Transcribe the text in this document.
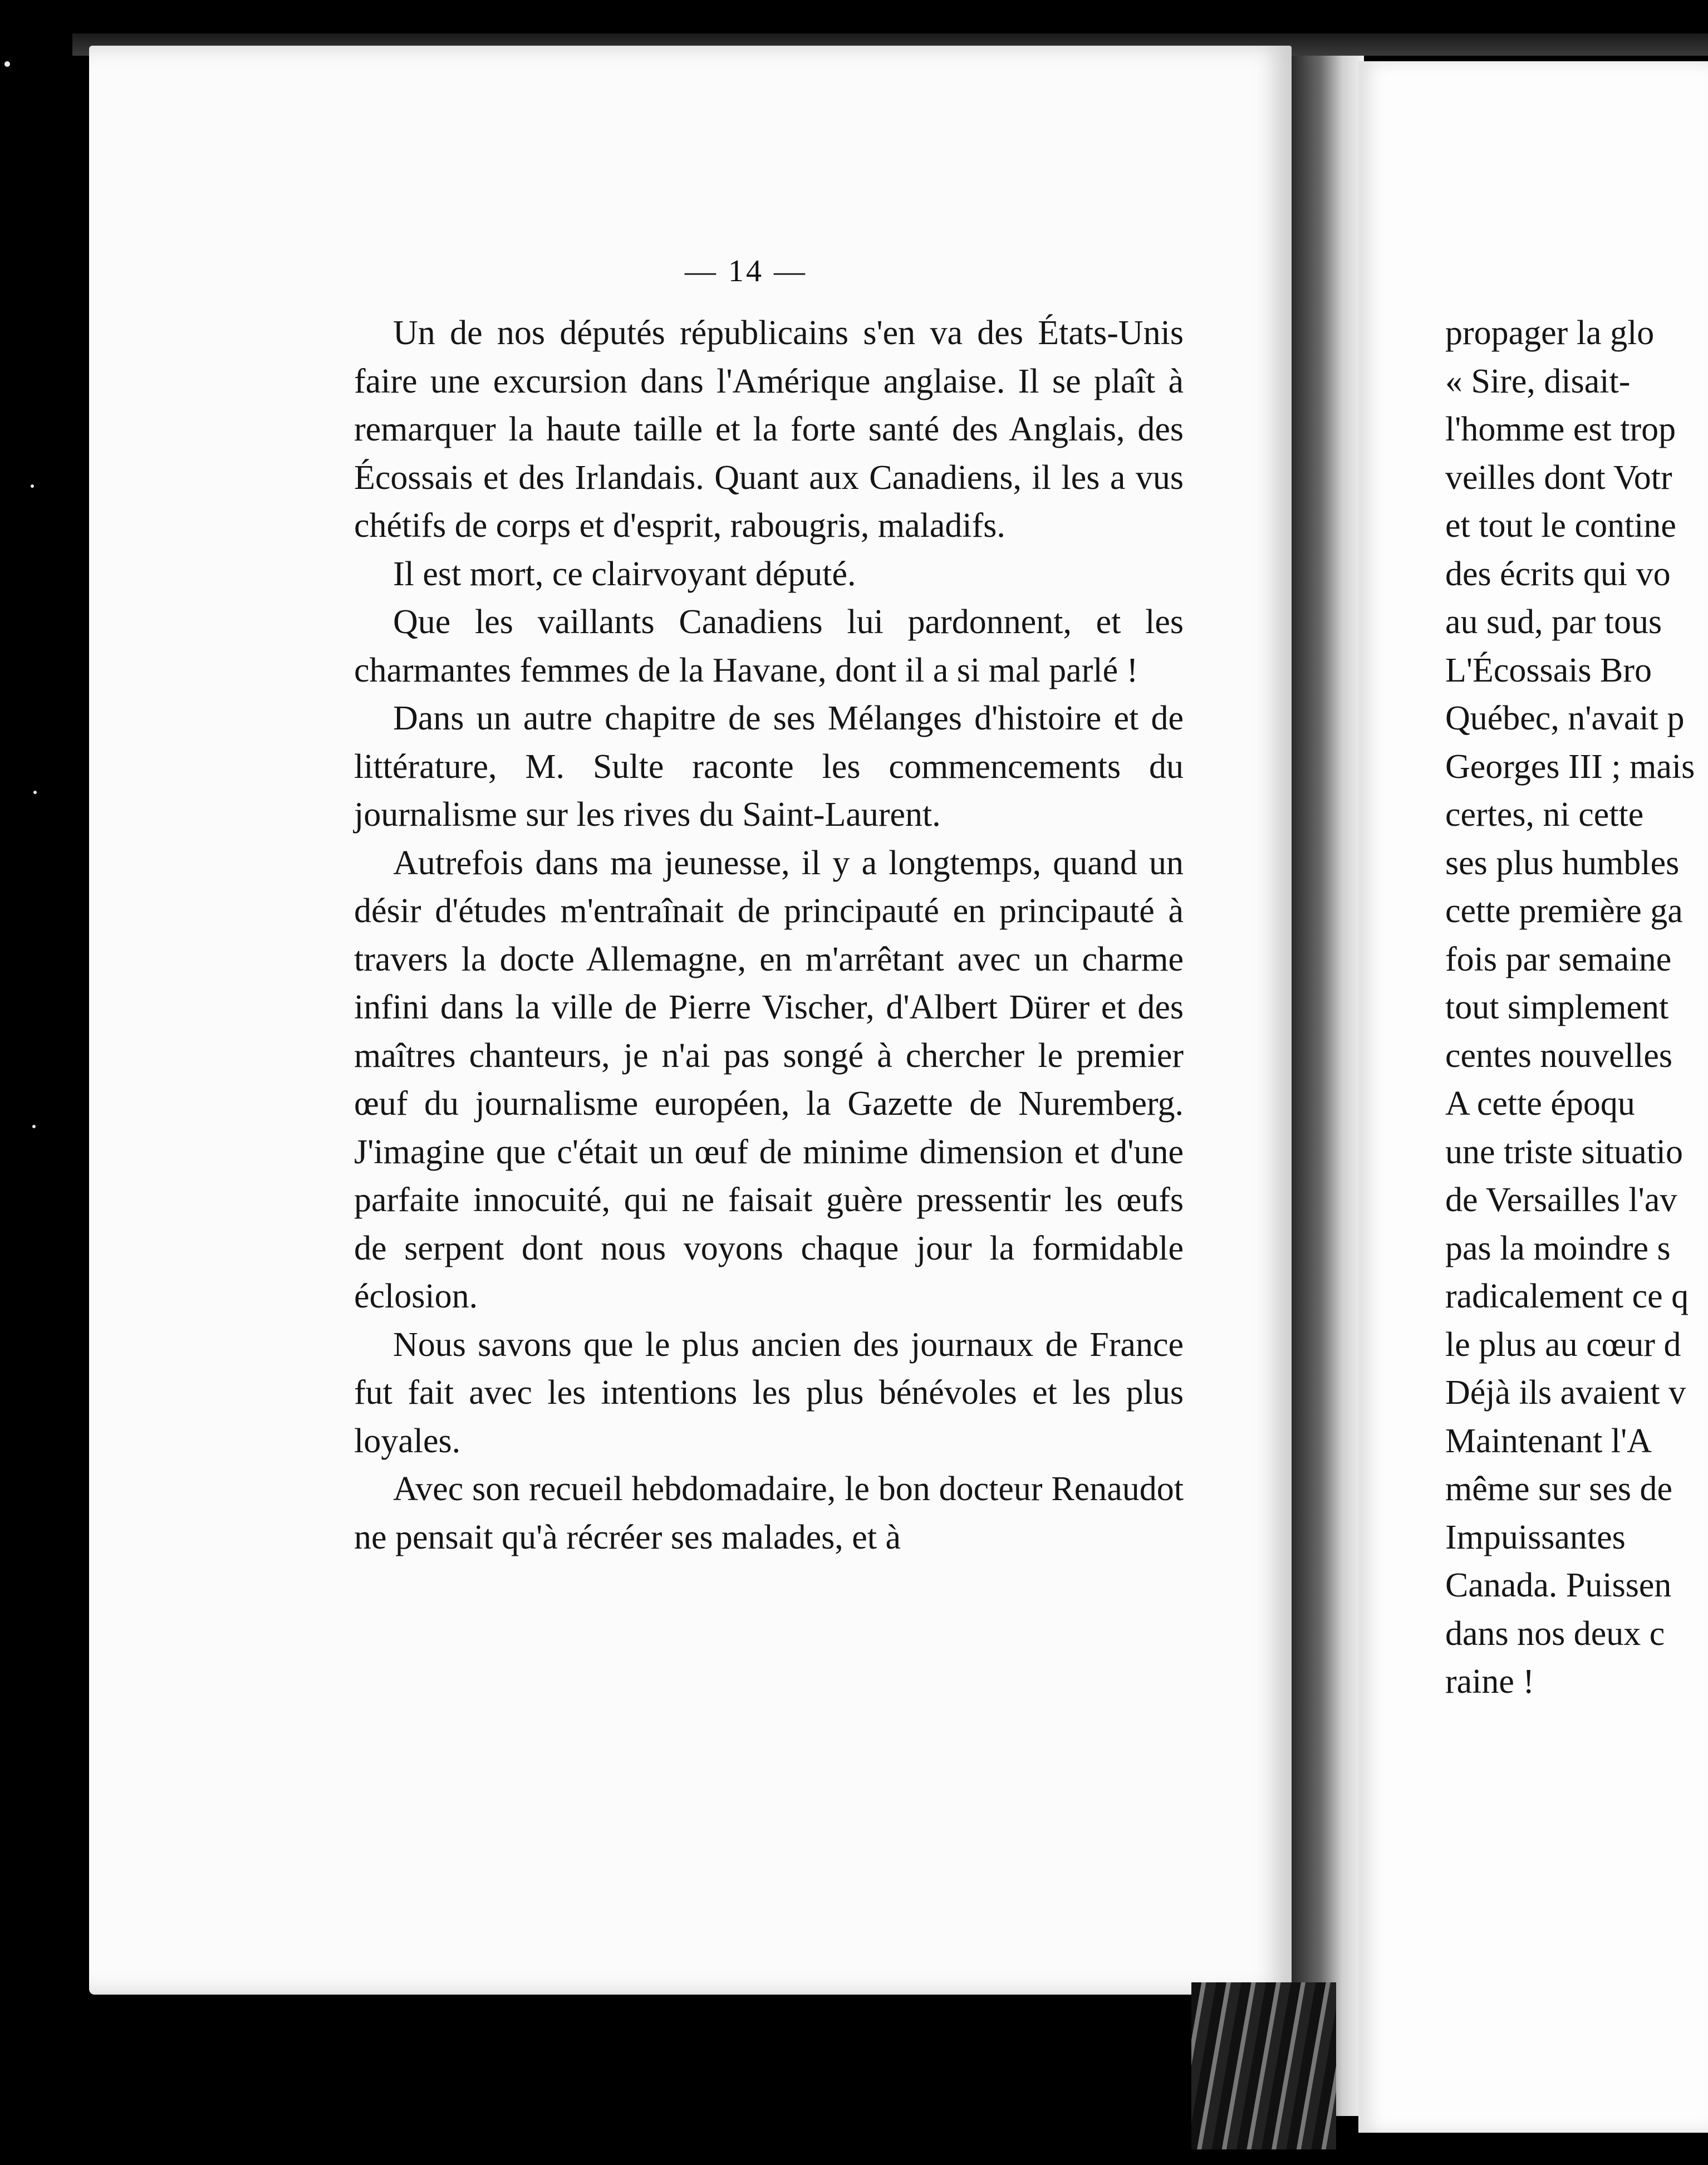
— 14 —

Un de nos députés républicains s'en va des États-Unis faire une excursion dans l'Amérique anglaise. Il se plaît à remarquer la haute taille et la forte santé des Anglais, des Écossais et des Irlandais. Quant aux Canadiens, il les a vus chétifs de corps et d'esprit, rabougris, maladifs.

Il est mort, ce clairvoyant député.

Que les vaillants Canadiens lui pardonnent, et les charmantes femmes de la Havane, dont il a si mal parlé !

Dans un autre chapitre de ses Mélanges d'histoire et de littérature, M. Sulte raconte les commencements du journalisme sur les rives du Saint-Laurent.

Autrefois dans ma jeunesse, il y a longtemps, quand un désir d'études m'entraînait de principauté en principauté à travers la docte Allemagne, en m'arrêtant avec un charme infini dans la ville de Pierre Vischer, d'Albert Dürer et des maîtres chanteurs, je n'ai pas songé à chercher le premier œuf du journalisme européen, la Gazette de Nuremberg. J'imagine que c'était un œuf de minime dimension et d'une parfaite innocuité, qui ne faisait guère pressentir les œufs de serpent dont nous voyons chaque jour la formidable éclosion.

Nous savons que le plus ancien des journaux de France fut fait avec les intentions les plus bénévoles et les plus loyales.

Avec son recueil hebdomadaire, le bon docteur Renaudot ne pensait qu'à récréer ses malades, et à

propager la glo
« Sire, disait-
l'homme est trop
veilles dont Votr
et tout le contine
des écrits qui vo
au sud, par tous
L'Écossais Bro
Québec, n'avait p
Georges III ; mais
certes, ni cette
ses plus humbles
cette première ga
fois par semaine
tout simplement
centes nouvelles
A cette époqu
une triste situatio
de Versailles l'av
pas la moindre s
radicalement ce q
le plus au cœur d
Déjà ils avaient v
Maintenant l'A
même sur ses de
Impuissantes
Canada. Puissen
dans nos deux c
raine !
